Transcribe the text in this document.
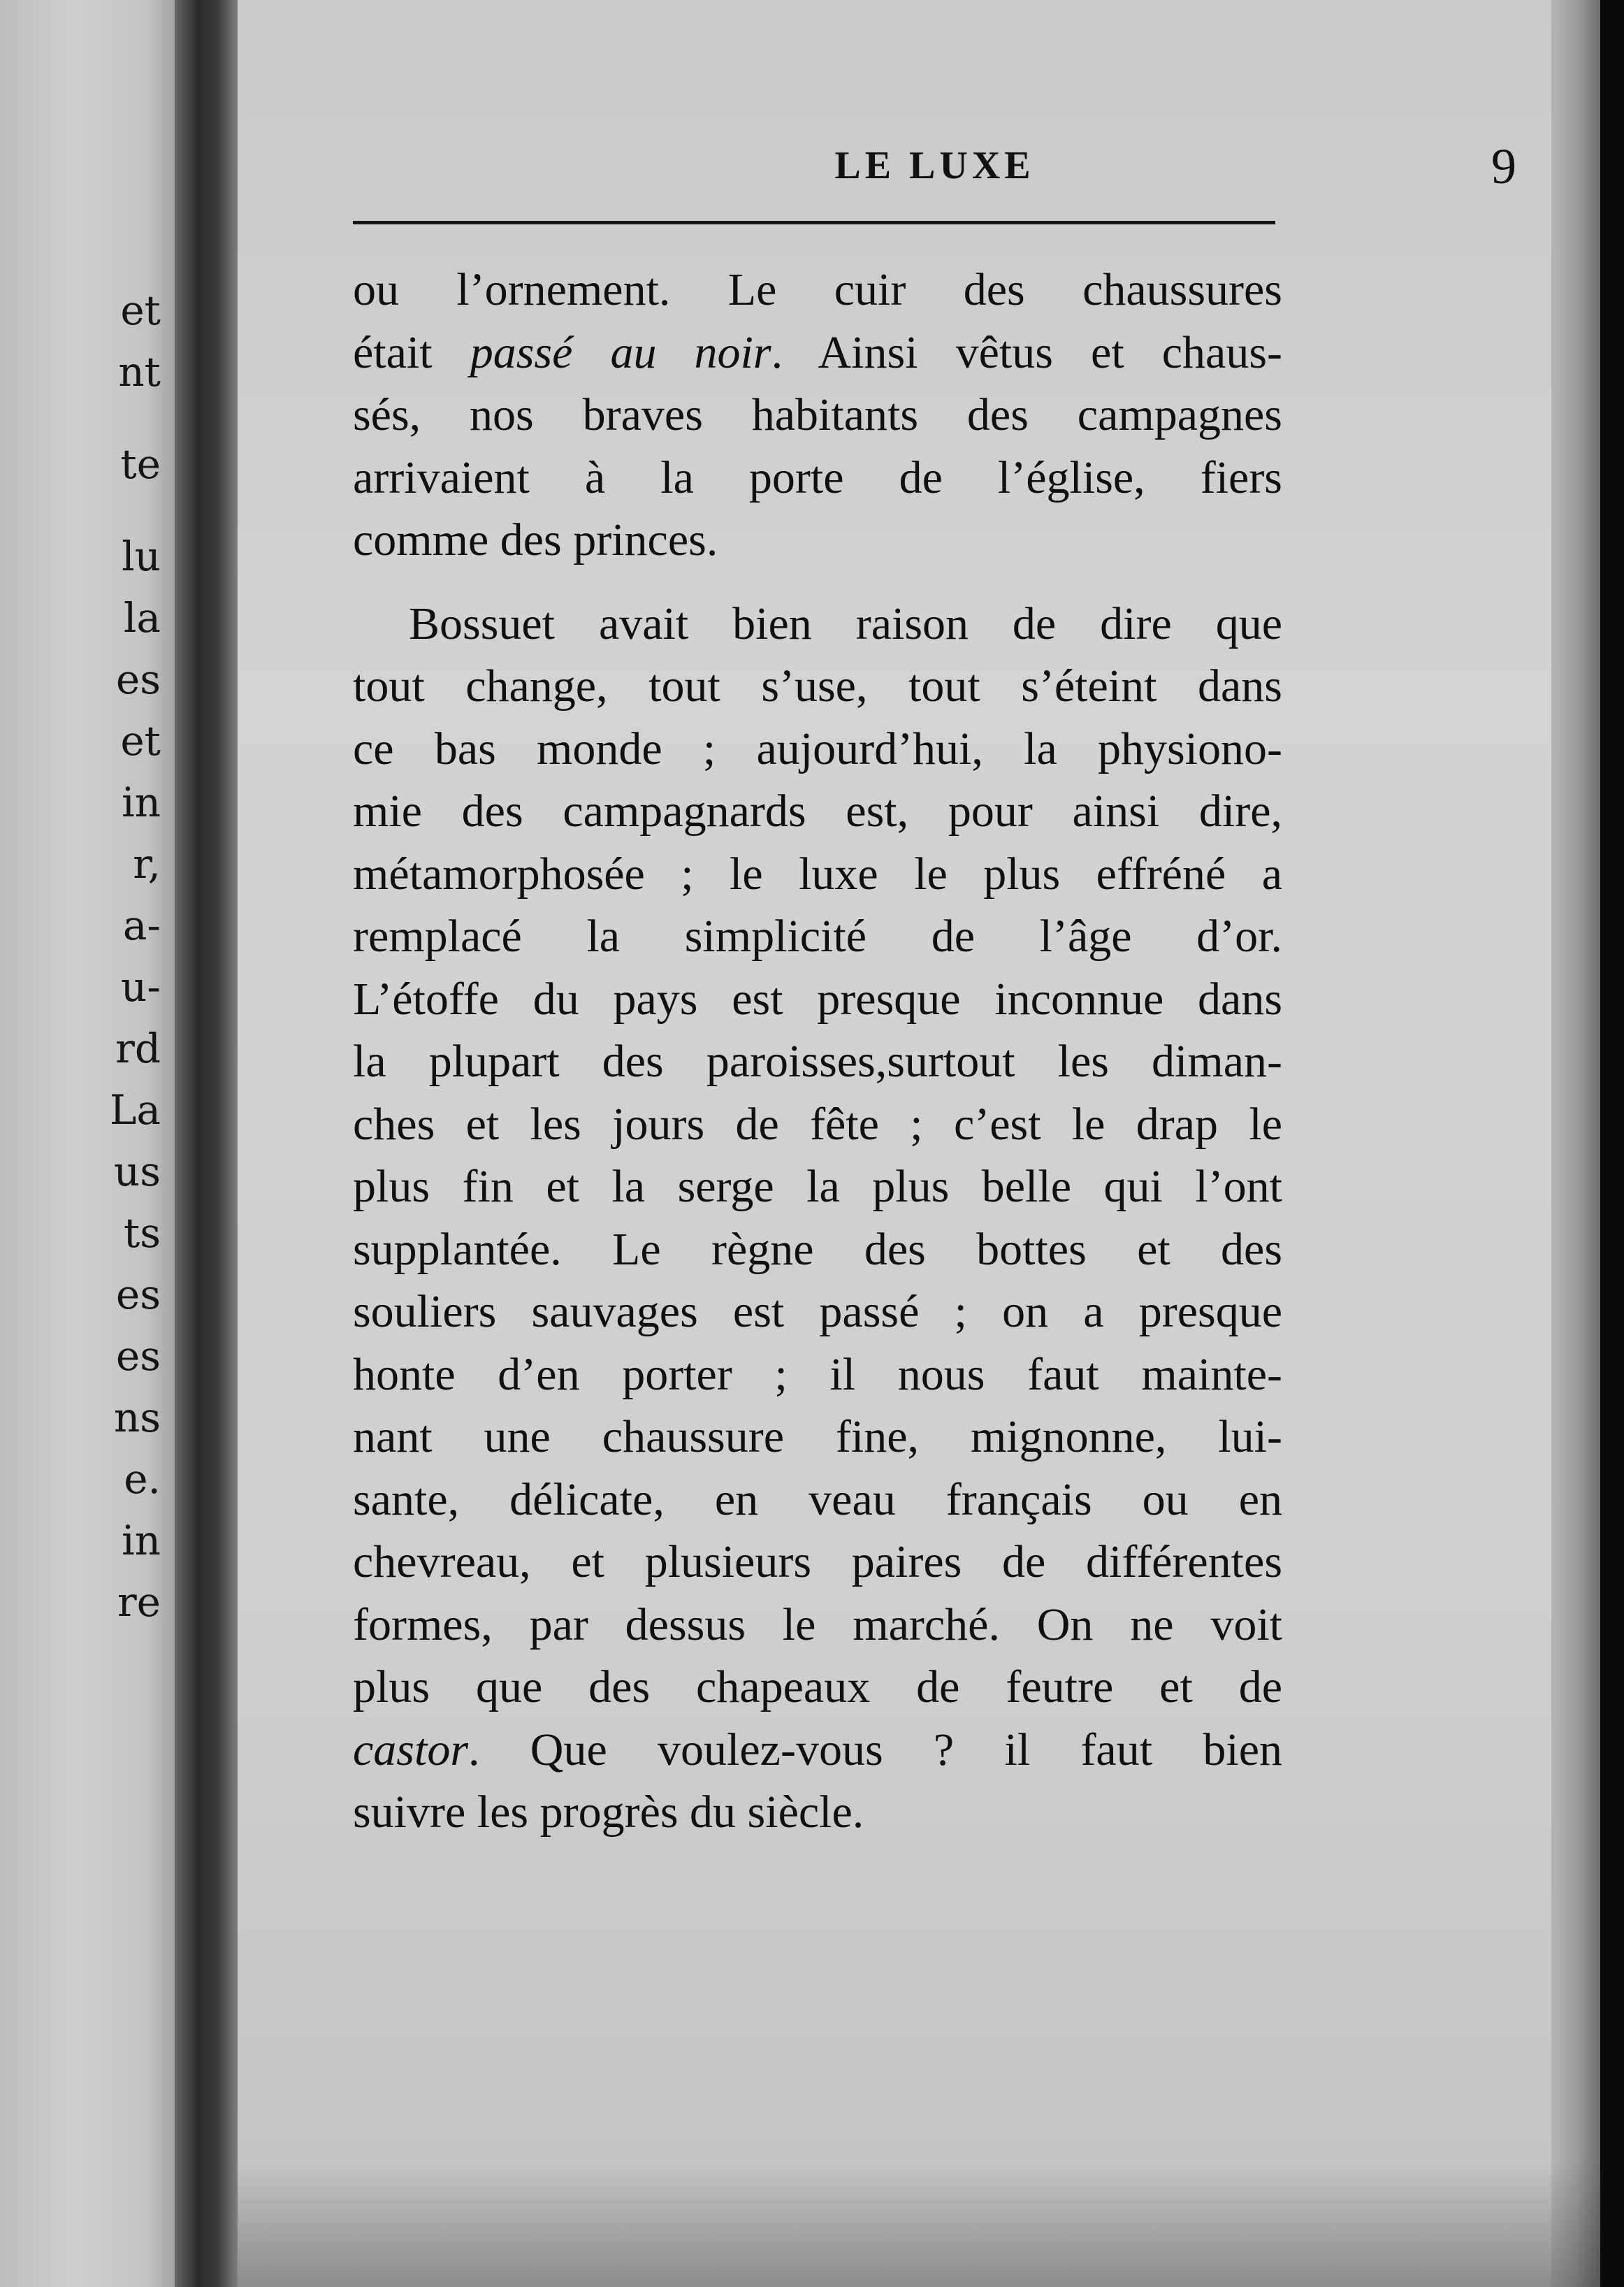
et
nt
te
lu
la
es
et
in
r,
a-
u-
rd
La
us
ts
es
es
ns
e.
in
re
LE LUXE	9
ou l’ornement. Le cuir des chaussures
était passé au noir. Ainsi vêtus et chaus-
sés, nos braves habitants des campagnes
arrivaient à la porte de l’église, fiers
comme des princes.
Bossuet avait bien raison de dire que
tout change, tout s’use, tout s’éteint dans
ce bas monde ; aujourd’hui, la physiono-
mie des campagnards est, pour ainsi dire,
métamorphosée ; le luxe le plus effréné a
remplacé la simplicité de l’âge d’or.
L’étoffe du pays est presque inconnue dans
la plupart des paroisses,surtout les diman-
ches et les jours de fête ; c’est le drap le
plus fin et la serge la plus belle qui l’ont
supplantée. Le règne des bottes et des
souliers sauvages est passé ; on a presque
honte d’en porter ; il nous faut mainte-
nant une chaussure fine, mignonne, lui-
sante, délicate, en veau français ou en
chevreau, et plusieurs paires de différentes
formes, par dessus le marché. On ne voit
plus que des chapeaux de feutre et de
castor. Que voulez-vous ? il faut bien
suivre les progrès du siècle.
